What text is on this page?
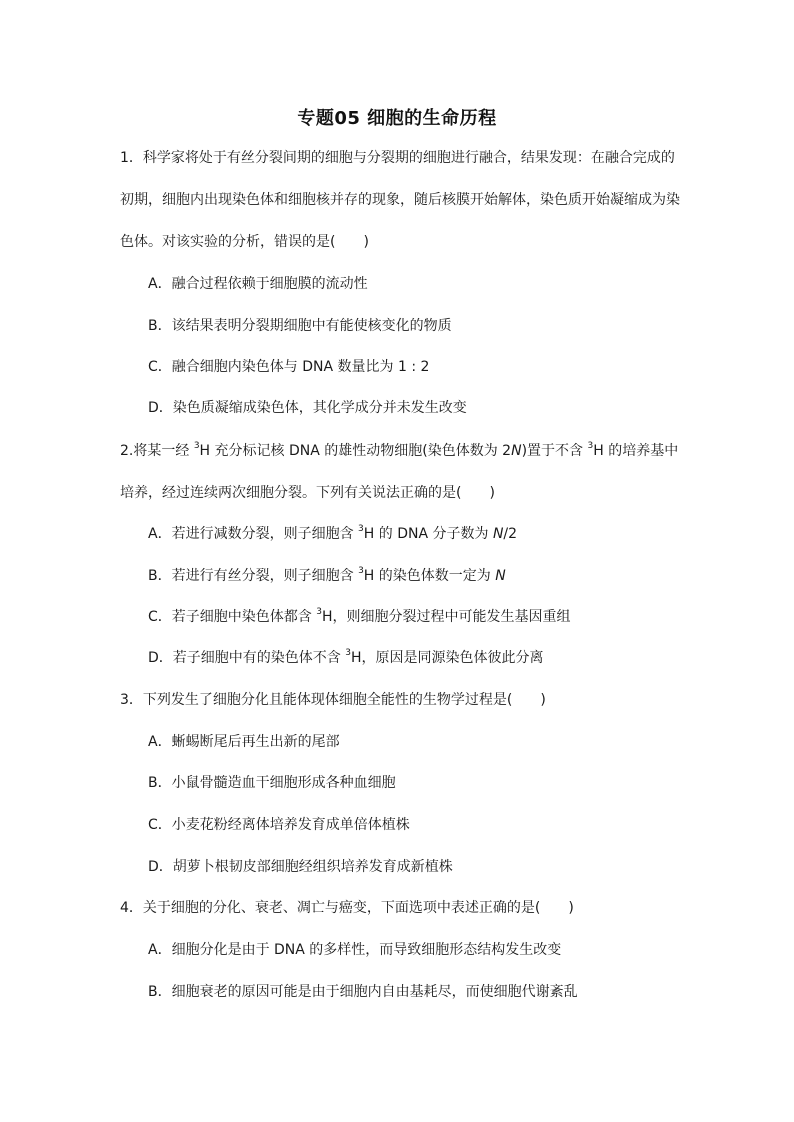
专题05 细胞的生命历程
1．科学家将处于有丝分裂间期的细胞与分裂期的细胞进行融合，结果发现：在融合完成的
初期，细胞内出现染色体和细胞核并存的现象，随后核膜开始解体，染色质开始凝缩成为染
色体。对该实验的分析，错误的是(　　)
A．融合过程依赖于细胞膜的流动性
B．该结果表明分裂期细胞中有能使核变化的物质
C．融合细胞内染色体与 DNA 数量比为 1 : 2
D．染色质凝缩成染色体，其化学成分并未发生改变
2.将某一经 $^3$H 充分标记核 DNA 的雄性动物细胞(染色体数为 2N)置于不含 $^3$H 的培养基中
培养，经过连续两次细胞分裂。下列有关说法正确的是(　　)
A．若进行减数分裂，则子细胞含 $^3$H 的 DNA 分子数为 N/2
B．若进行有丝分裂，则子细胞含 $^3$H 的染色体数一定为 N
C．若子细胞中染色体都含 $^3$H，则细胞分裂过程中可能发生基因重组
D．若子细胞中有的染色体不含 $^3$H，原因是同源染色体彼此分离
3．下列发生了细胞分化且能体现体细胞全能性的生物学过程是(　　)
A．蜥蜴断尾后再生出新的尾部
B．小鼠骨髓造血干细胞形成各种血细胞
C．小麦花粉经离体培养发育成单倍体植株
D．胡萝卜根韧皮部细胞经组织培养发育成新植株
4．关于细胞的分化、衰老、凋亡与癌变，下面选项中表述正确的是(　　)
A．细胞分化是由于 DNA 的多样性，而导致细胞形态结构发生改变
B．细胞衰老的原因可能是由于细胞内自由基耗尽，而使细胞代谢紊乱
